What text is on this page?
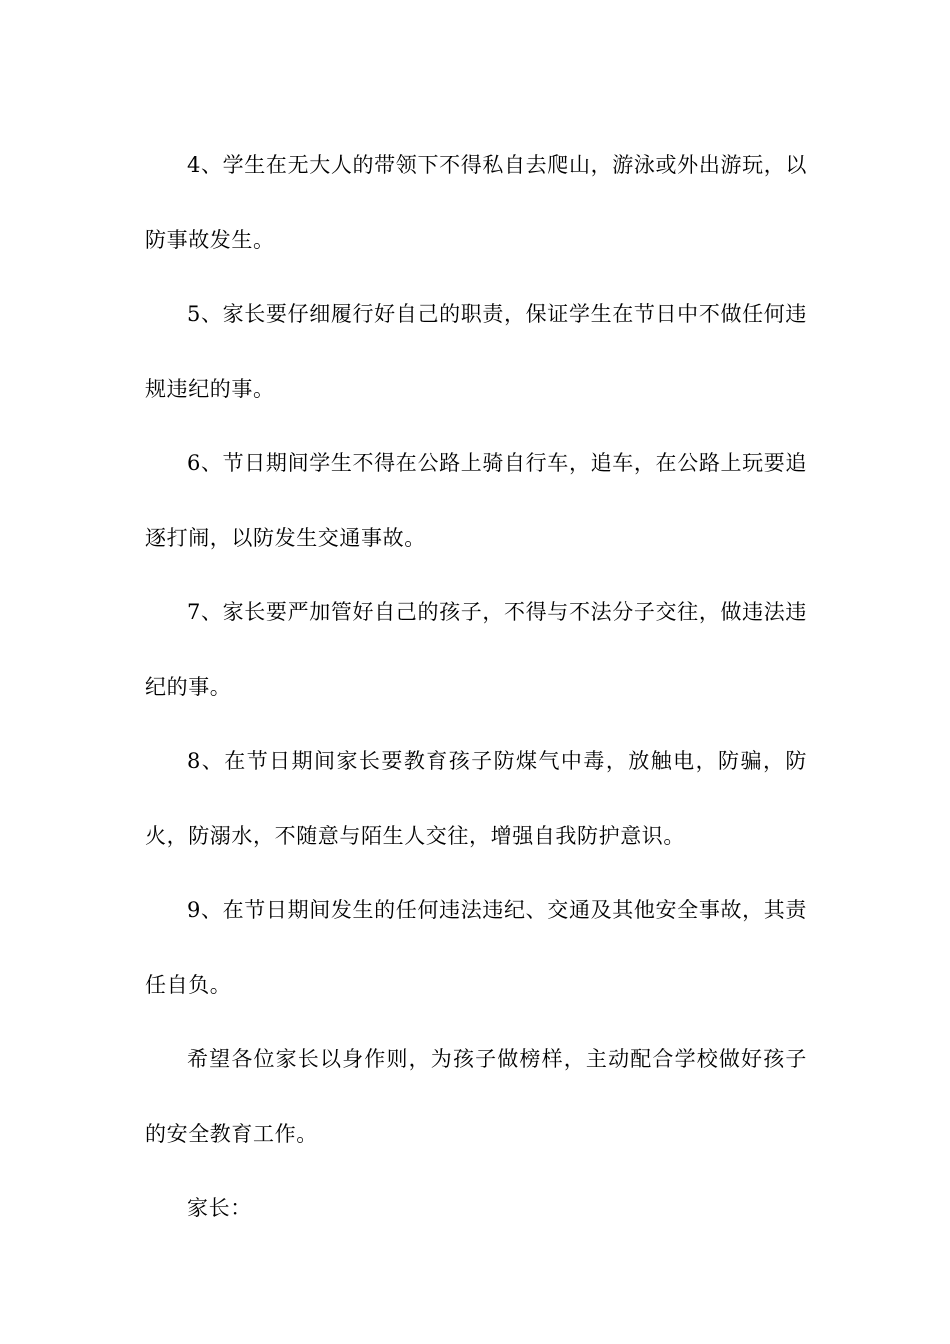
4、学生在无大人的带领下不得私自去爬山，游泳或外出游玩，以防事故发生。

5、家长要仔细履行好自己的职责，保证学生在节日中不做任何违规违纪的事。

6、节日期间学生不得在公路上骑自行车，追车，在公路上玩要追逐打闹，以防发生交通事故。

7、家长要严加管好自己的孩子，不得与不法分子交往，做违法违纪的事。

8、在节日期间家长要教育孩子防煤气中毒，放触电，防骗，防火，防溺水，不随意与陌生人交往，增强自我防护意识。

9、在节日期间发生的任何违法违纪、交通及其他安全事故，其责任自负。

希望各位家长以身作则，为孩子做榜样，主动配合学校做好孩子的安全教育工作。

家长：
